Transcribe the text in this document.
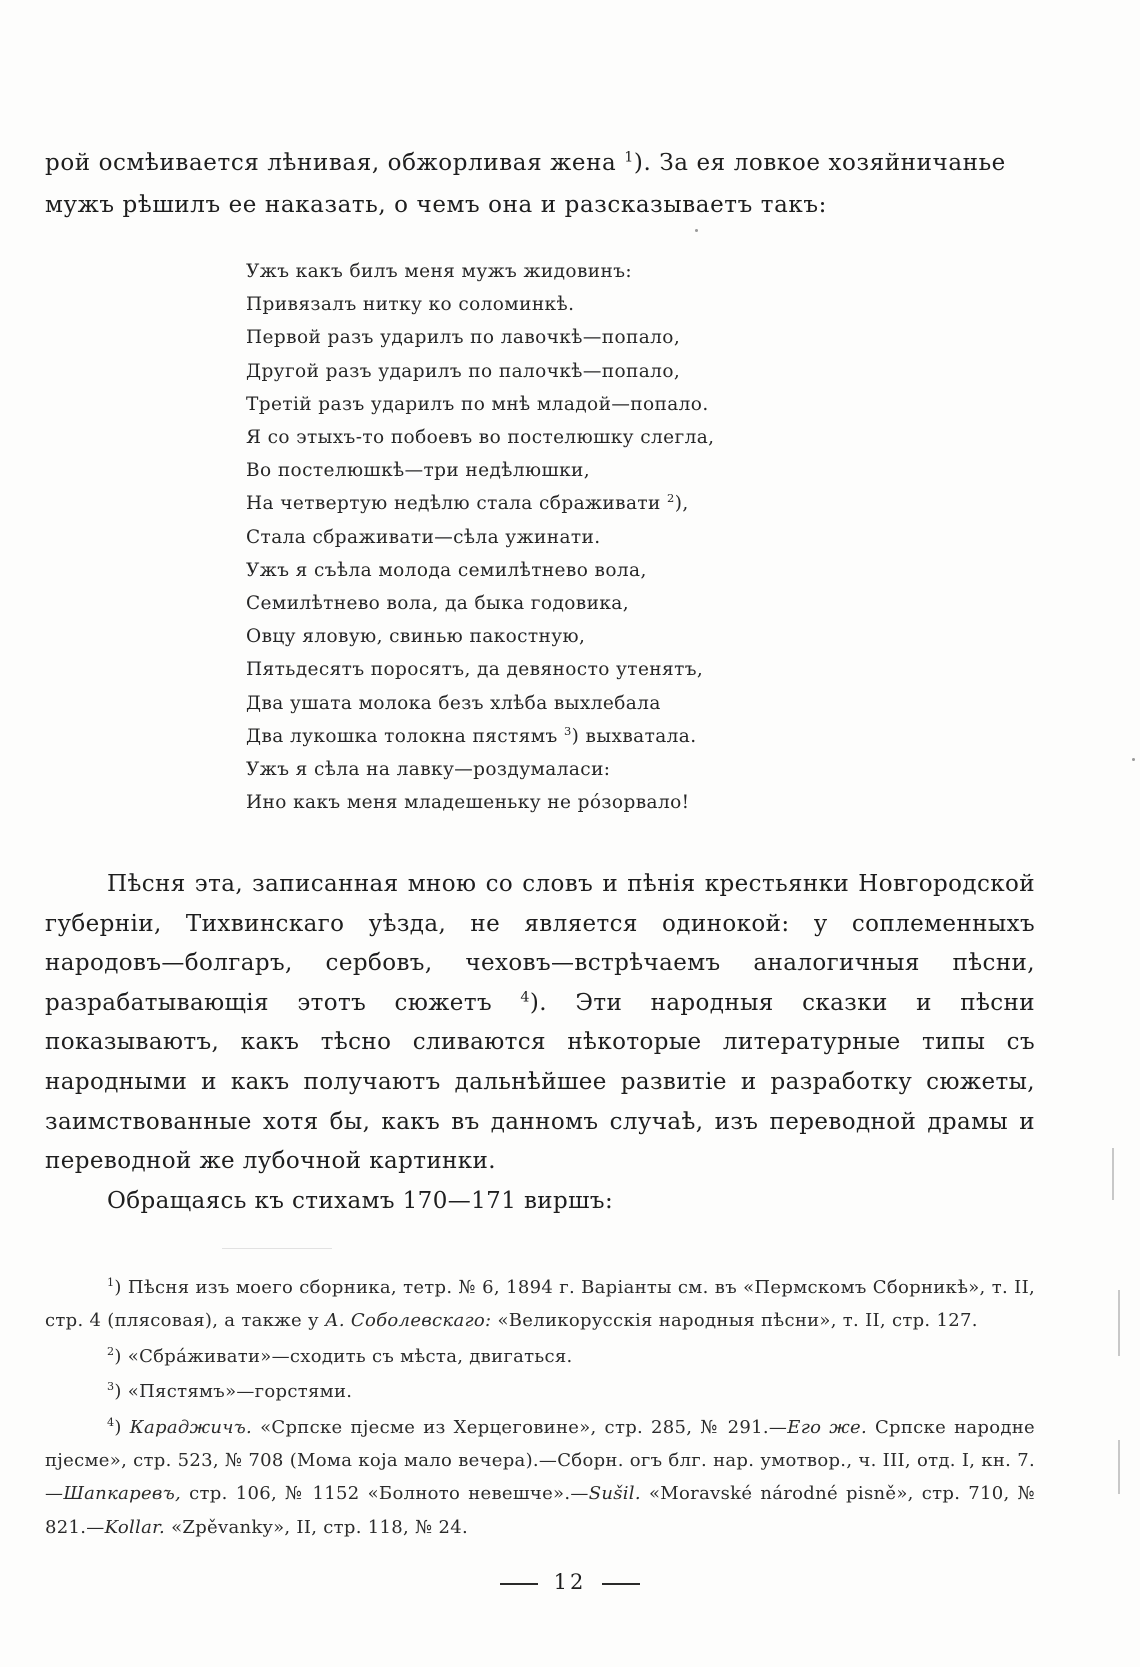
рой осмѣивается лѣнивая, обжорливая жена $^1$). За ея ловкое хозяйничанье

мужъ рѣшилъ ее наказать, о чемъ она и разсказываетъ такъ:

Ужъ какъ билъ меня мужъ жидовинъ:
Привязалъ нитку ко соломинкѣ.
Первой разъ ударилъ по лавочкѣ—попало,
Другой разъ ударилъ по палочкѣ—попало,
Третій разъ ударилъ по мнѣ младой—попало.
Я со этыхъ-то побоевъ во постелюшку слегла,
Во постелюшкѣ—три недѣлюшки,
На четвертую недѣлю стала сбраживати $^2$),
Стала сбраживати—сѣла ужинати.
Ужъ я съѣла молода семилѣтнево вола,
Семилѣтнево вола, да быка годовика,
Овцу яловую, свинью пакостную,
Пятьдесятъ поросятъ, да девяносто утенятъ,
Два ушата молока безъ хлѣба выхлебала
Два лукошка толокна пястямъ $^3$) выхватала.
Ужъ я сѣла на лавку—роздумаласи:
Ино какъ меня младешеньку не рóзорвало!

Пѣсня эта, записанная мною со словъ и пѣнія крестьянки Новгородской губерніи, Тихвинскаго уѣзда, не является одинокой: у соплеменныхъ народовъ—болгаръ, сербовъ, чеховъ—встрѣчаемъ аналогичныя пѣсни, разрабатывающія этотъ сюжетъ $^4$). Эти народныя сказки и пѣсни показываютъ, какъ тѣсно сливаются нѣкоторые литературные типы съ народными и какъ получаютъ дальнѣйшее развитіе и разработку сюжеты, заимствованные хотя бы, какъ въ данномъ случаѣ, изъ переводной драмы и переводной же лубочной картинки.

Обращаясь къ стихамъ 170—171 виршъ:

$^1$) Пѣсня изъ моего сборника, тетр. № 6, 1894 г. Варіанты см. въ «Пермскомъ Сборникѣ», т. II, стр. 4 (плясовая), а также у А. Соболевскаго: «Великорусскія народныя пѣсни», т. II, стр. 127.

$^2$) «Сбра́живати»—сходить съ мѣста, двигаться.

$^3$) «Пястямъ»—горстями.

$^4$) Караджичъ. «Српске пјесме из Херцеговине», стр. 285, № 291.—Его же. Српске народне пјесме», стр. 523, № 708 (Мома која мало вечера).—Сборн. огъ блг. нар. умотвор., ч. III, отд. I, кн. 7.—Шапкаревъ, стр. 106, № 1152 «Болното невешче».—Sušil. «Moravské národné pisně», стр. 710, № 821.—Kollar. «Zpěvanky», II, стр. 118, № 24.

12
